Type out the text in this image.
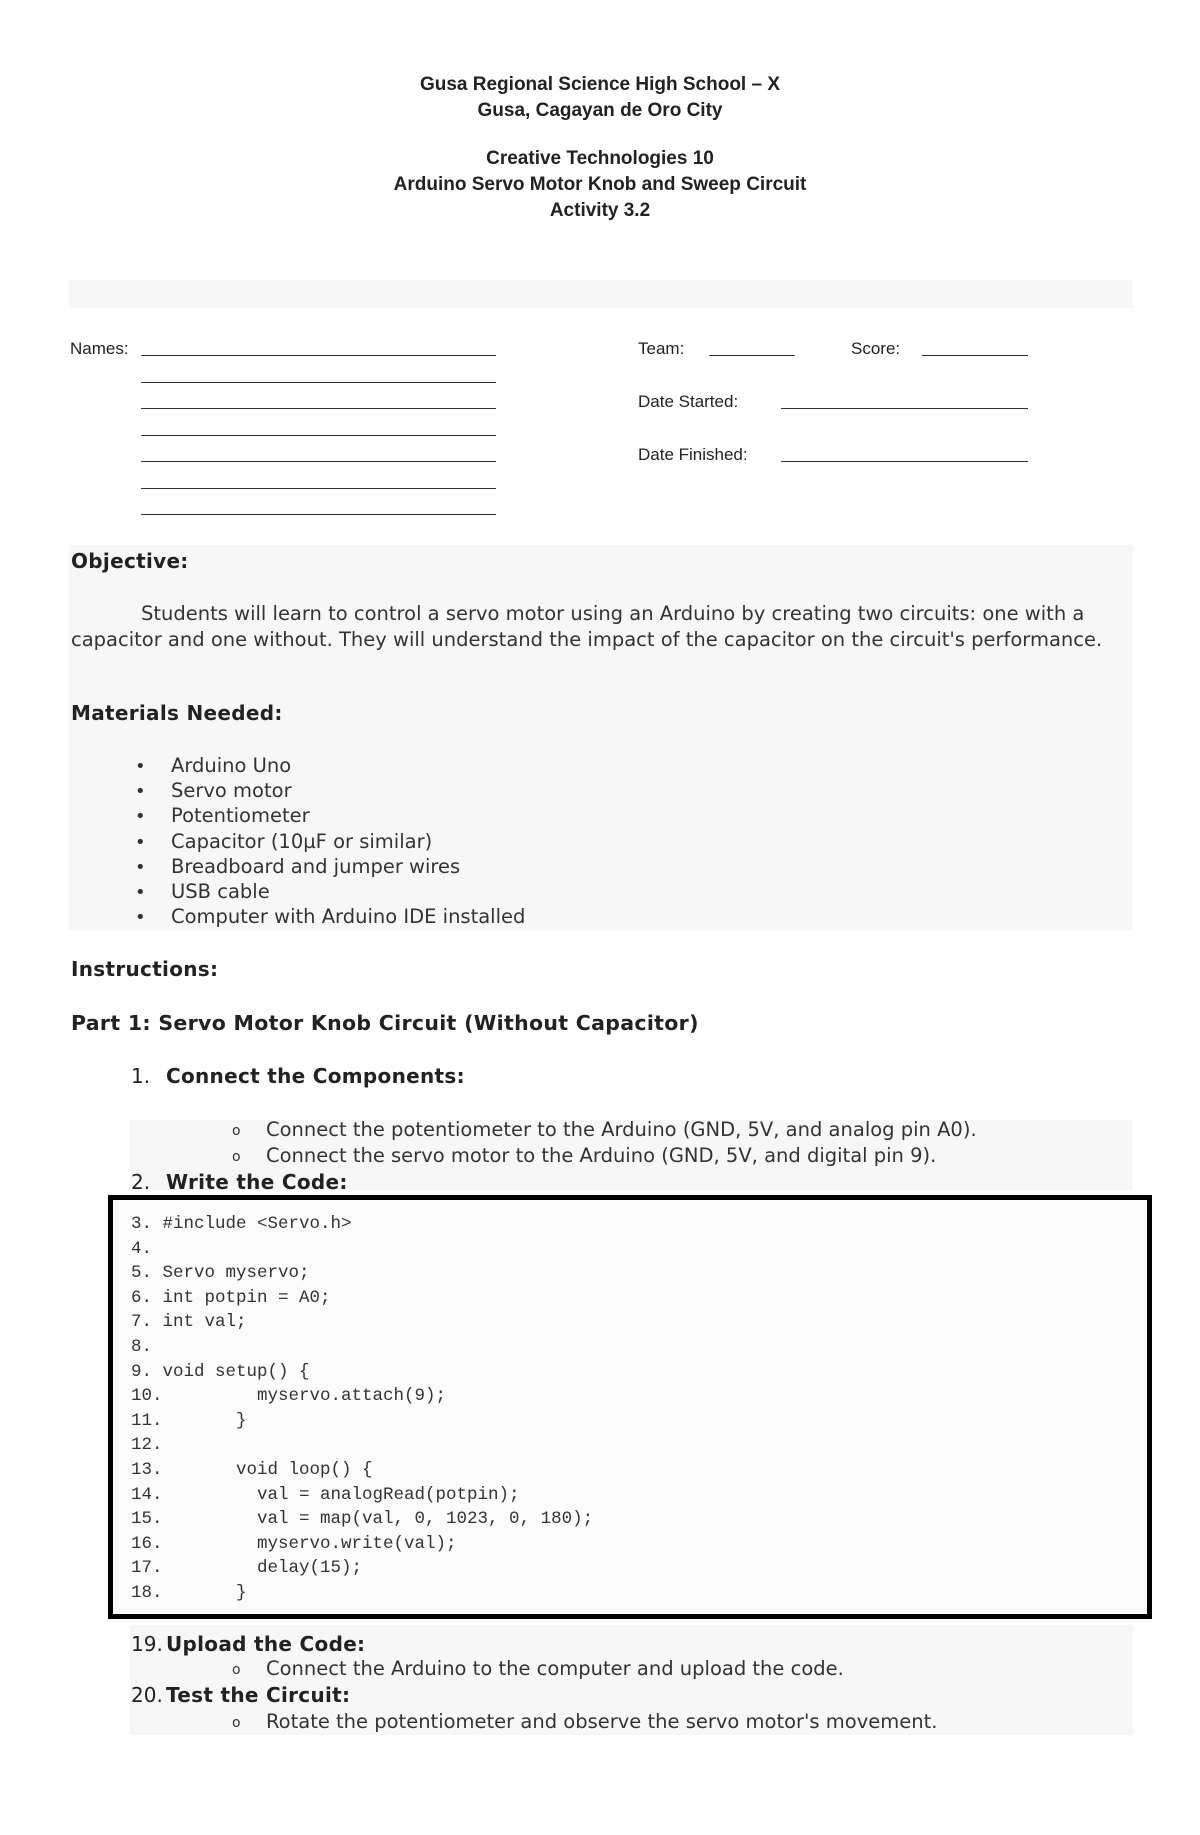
Gusa Regional Science High School – X
Gusa, Cagayan de Oro City
Creative Technologies 10
Arduino Servo Motor Knob and Sweep Circuit
Activity 3.2
Names:	Team:	Score:
Date Started:
Date Finished:
Objective:
Students will learn to control a servo motor using an Arduino by creating two circuits: one with a capacitor and one without. They will understand the impact of the capacitor on the circuit's performance.
Materials Needed:
• Arduino Uno
• Servo motor
• Potentiometer
• Capacitor (10µF or similar)
• Breadboard and jumper wires
• USB cable
• Computer with Arduino IDE installed
Instructions:
Part 1: Servo Motor Knob Circuit (Without Capacitor)
1. Connect the Components:
o Connect the potentiometer to the Arduino (GND, 5V, and analog pin A0).
o Connect the servo motor to the Arduino (GND, 5V, and digital pin 9).
2. Write the Code:
3. #include <Servo.h>
4.
5. Servo myservo;
6. int potpin = A0;
7. int val;
8.
9. void setup() {
10.         myservo.attach(9);
11.       }
12.
13.       void loop() {
14.         val = analogRead(potpin);
15.         val = map(val, 0, 1023, 0, 180);
16.         myservo.write(val);
17.         delay(15);
18.       }
19. Upload the Code:
o Connect the Arduino to the computer and upload the code.
20. Test the Circuit:
o Rotate the potentiometer and observe the servo motor's movement.
